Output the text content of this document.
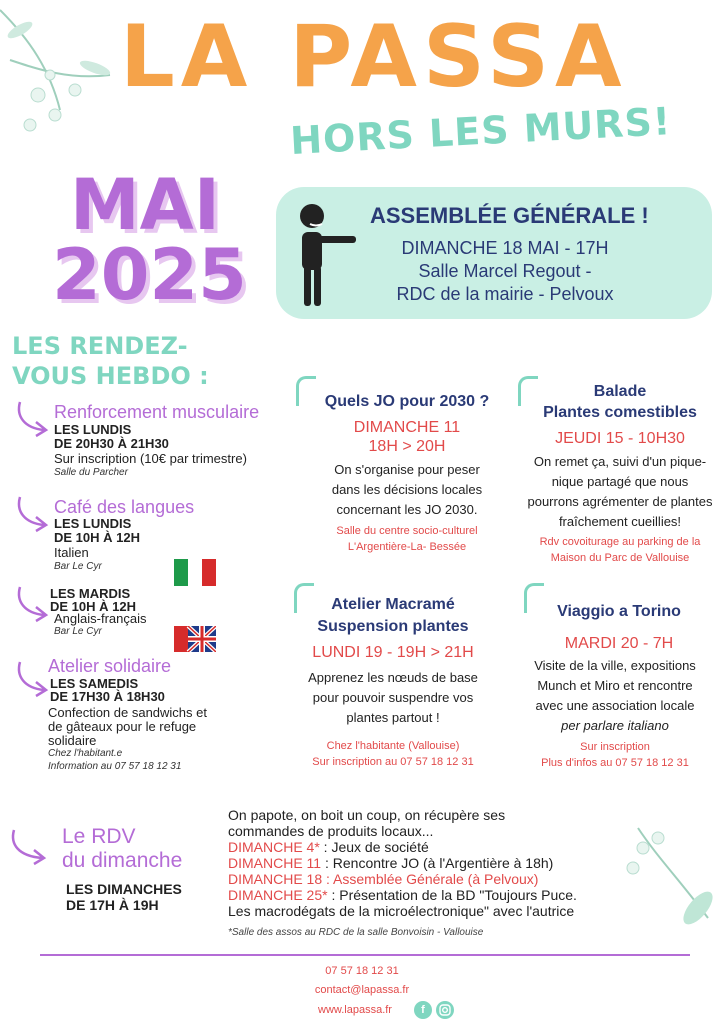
LA PASSA
HORS LES MURS!
MAI
2025
ASSEMBLÉE GÉNÉRALE !
DIMANCHE 18 MAI - 17H
Salle Marcel Regout -
RDC de la mairie - Pelvoux
LES RENDEZ-
VOUS HEBDO :
Renforcement musculaire
LES LUNDIS
DE 20H30 À 21H30
Sur inscription (10€ par trimestre)
Salle du Parcher
Café des langues
LES LUNDIS
DE 10H À 12H
Italien
Bar Le Cyr
LES MARDIS
DE 10H À 12H
Anglais-français
Bar Le Cyr
Atelier solidaire
LES SAMEDIS
DE 17H30 À 18H30
Confection de sandwichs et
de gâteaux pour le refuge
solidaire
Chez l'habitant.e
Information au 07 57 18 12 31
Quels JO pour 2030 ?
DIMANCHE 11
18H > 20H
On s'organise pour peser
dans les décisions locales
concernant les JO 2030.
Salle du centre socio-culturel
L'Argentière-La- Bessée
Balade
Plantes comestibles
JEUDI 15 - 10H30
On remet ça, suivi d'un pique-
nique partagé que nous
pourrons agrémenter de plantes
fraîchement cueillies!
Rdv covoiturage au parking de la
Maison du Parc de Vallouise
Atelier Macramé
Suspension plantes
LUNDI 19 - 19H > 21H
Apprenez les nœuds de base
pour pouvoir suspendre vos
plantes partout !
Chez l'habitante (Vallouise)
Sur inscription au 07 57 18 12 31
Viaggio a Torino
MARDI 20 - 7H
Visite de la ville, expositions
Munch et Miro et rencontre
avec une association locale
per parlare italiano
Sur inscription
Plus d'infos au 07 57 18 12 31
Le RDV
du dimanche
LES DIMANCHES
DE 17H À 19H
On papote, on boit un coup, on récupère ses
commandes de produits locaux...
DIMANCHE 4* : Jeux de société
DIMANCHE 11 : Rencontre JO (à l'Argentière à 18h)
DIMANCHE 18 : Assemblée Générale (à Pelvoux)
DIMANCHE 25* : Présentation de la BD "Toujours Puce.
Les macrodégats de la microélectronique" avec l'autrice
*Salle des assos au RDC de la salle Bonvoisin - Vallouise
07 57 18 12 31
contact@lapassa.fr
www.lapassa.fr	f
